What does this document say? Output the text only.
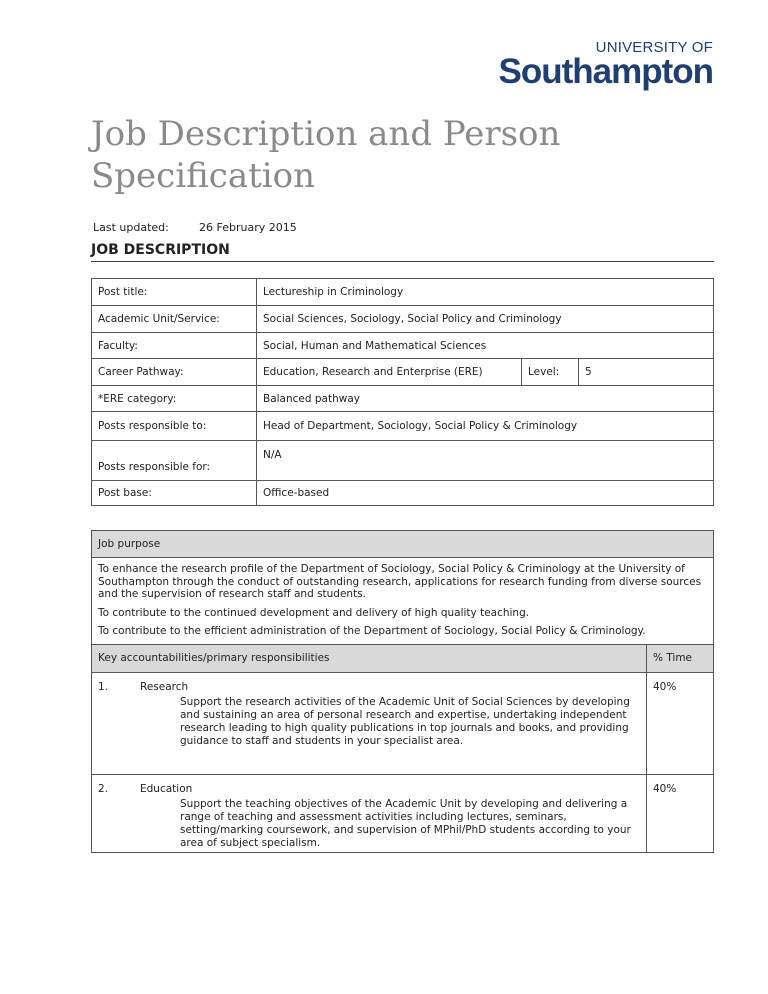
UNIVERSITY OF
Southampton
Job Description and Person Specification
Last updated:	26 February 2015
JOB DESCRIPTION
Post title:	Lectureship in Criminology		
Academic Unit/Service:	Social Sciences, Sociology, Social Policy and Criminology		
Faculty:	Social, Human and Mathematical Sciences		
Career Pathway:	Education, Research and Enterprise (ERE)	Level:	5
*ERE category:	Balanced pathway		
Posts responsible to:	Head of Department, Sociology, Social Policy & Criminology		
Posts responsible for:	N/A		
Post base:	Office-based		
Job purpose	

To enhance the research profile of the Department of Sociology, Social Policy & Criminology at the University of Southampton through the conduct of outstanding research, applications for research funding from diverse sources and the supervision of research staff and students.

To contribute to the continued development and delivery of high quality teaching.

To contribute to the efficient administration of the Department of Sociology, Social Policy & Criminology.	

Key accountabilities/primary responsibilities	% Time
1. Research
Support the research activities of the Academic Unit of Social Sciences by developing and sustaining an area of personal research and expertise, undertaking independent research leading to high quality publications in top journals and books, and providing guidance to staff and students in your specialist area.	40%
2. Education
Support the teaching objectives of the Academic Unit by developing and delivering a range of teaching and assessment activities including lectures, seminars, setting/marking coursework, and supervision of MPhil/PhD students according to your area of subject specialism.	40%
